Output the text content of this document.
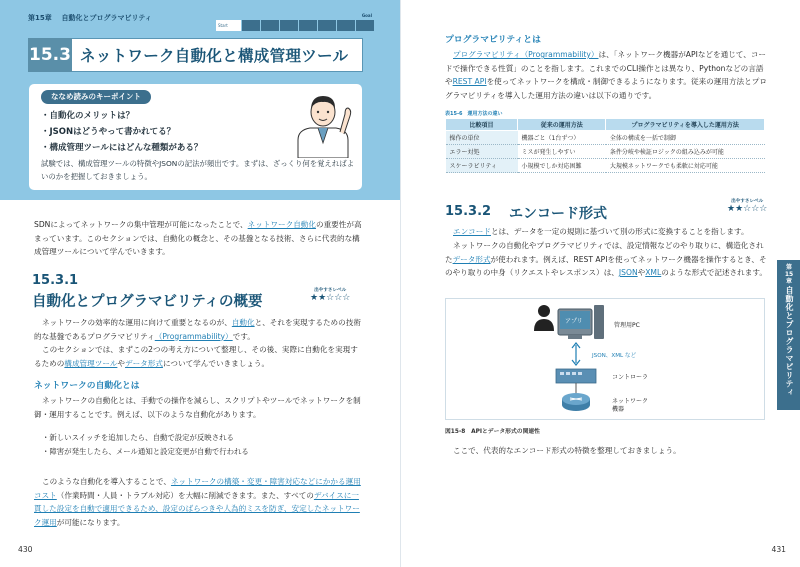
第15章 自動化とプログラマビリティ
Start
Goal
15.3 ネットワーク自動化と構成管理ツール
ななめ読みのキーポイント
・自動化のメリットは？
・JSONはどうやって書かれてる？
・構成管理ツールにはどんな種類がある？
試験では、構成管理ツールの特徴やJSONの記法が頻出です。まずは、ざっくり何を覚えればよいのかを把握しておきましょう。

SDNによってネットワークの集中管理が可能になったことで、ネットワーク自動化の重要性が高まっています。このセクションでは、自動化の概念と、その基盤となる技術、さらに代表的な構成管理ツールについて学んでいきます。

15.3.1
自動化とプログラマビリティの概要
出やすさレベル
★★☆☆☆

ネットワークの効率的な運用に向けて重要となるのが、自動化と、それを実現するための技術的な基盤であるプログラマビリティ（Programmability）です。

このセクションでは、まずこの2つの考え方について整理し、その後、実際に自動化を実現するための構成管理ツールやデータ形式について学んでいきましょう。

ネットワークの自動化とは

ネットワークの自動化とは、手動での操作を減らし、スクリプトやツールでネットワークを制御・運用することです。例えば、以下のような自動化があります。

・新しいスイッチを追加したら、自動で設定が反映される
・障害が発生したら、メール通知と設定変更が自動で行われる

このような自動化を導入することで、ネットワークの構築・変更・障害対応などにかかる運用コスト（作業時間・人員・トラブル対応）を大幅に削減できます。また、すべてのデバイスに一貫した設定を自動で適用できるため、設定のばらつきや人為的ミスを防ぎ、安定したネットワーク運用が可能になります。

430
プログラマビリティとは

プログラマビリティ（Programmability）は、「ネットワーク機器がAPIなどを通じて、コードで操作できる性質」のことを指します。これまでのCLI操作とは異なり、Pythonなどの言語やREST APIを使ってネットワークを構成・制御できるようになります。従来の運用方法とプログラマビリティを導入した運用方法の違いは以下の通りです。

表15-6　運用方法の違い
比較項目	従来の運用方法	プログラマビリティを導入した運用方法
操作の単位	機器ごと（1台ずつ）	全体の構成を一括で制御
エラー対処	ミスが発生しやすい	条件分岐や検証ロジックの組み込みが可能
スケーラビリティ	小規模でしか対応困難	大規模ネットワークでも柔軟に対応可能
15.3.2 エンコード形式
出やすさレベル
★★☆☆☆

エンコードとは、データを一定の規則に基づいて別の形式に変換することを指します。

ネットワークの自動化やプログラマビリティでは、設定情報などのやり取りに、構造化されたデータ形式が使われます。例えば、REST APIを使ってネットワーク機器を操作するとき、そのやり取りの中身（リクエストやレスポンス）は、JSONやXMLのような形式で記述されます。

アプリ
管理用PC
JSON、XML など
コントローラ
ネットワーク
機器
図15-8　APIとデータ形式の関連性

ここで、代表的なエンコード形式の特徴を整理しておきましょう。

第
15
章
自動化とプログラマビリティ
431
